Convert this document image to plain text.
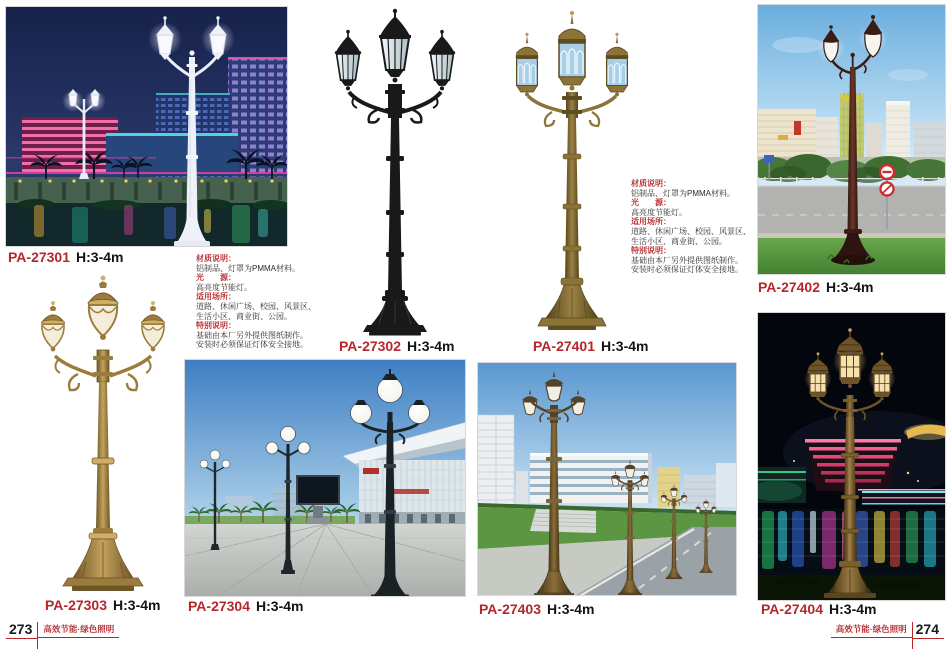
材质说明：
铝制品、灯罩为PMMA材料。
光　　源：
高亮度节能灯。
适用场所：
道路、休闲广场、校园、风景区、
生活小区、商业街、公园。
特别说明：
基础由本厂另外提供图纸制作。
安装时必须保证灯体安全接地。
材质说明：
铝制品、灯罩为PMMA材料。
光　　源：
高亮度节能灯。
适用场所：
道路、休闲广场、校园、风景区、
生活小区、商业街、公园。
特别说明：
基础由本厂另外提供图纸制作。
安装时必须保证灯体安全接地。
PA-27301 H:3-4m
PA-27302 H:3-4m	PA-27401 H:3-4m
PA-27402 H:3-4m
PA-27303 H:3-4m PA-27304 H:3-4m	PA-27403 H:3-4m	PA-27404 H:3-4m
273	高效节能·绿色照明	高效节能·绿色照明 274
